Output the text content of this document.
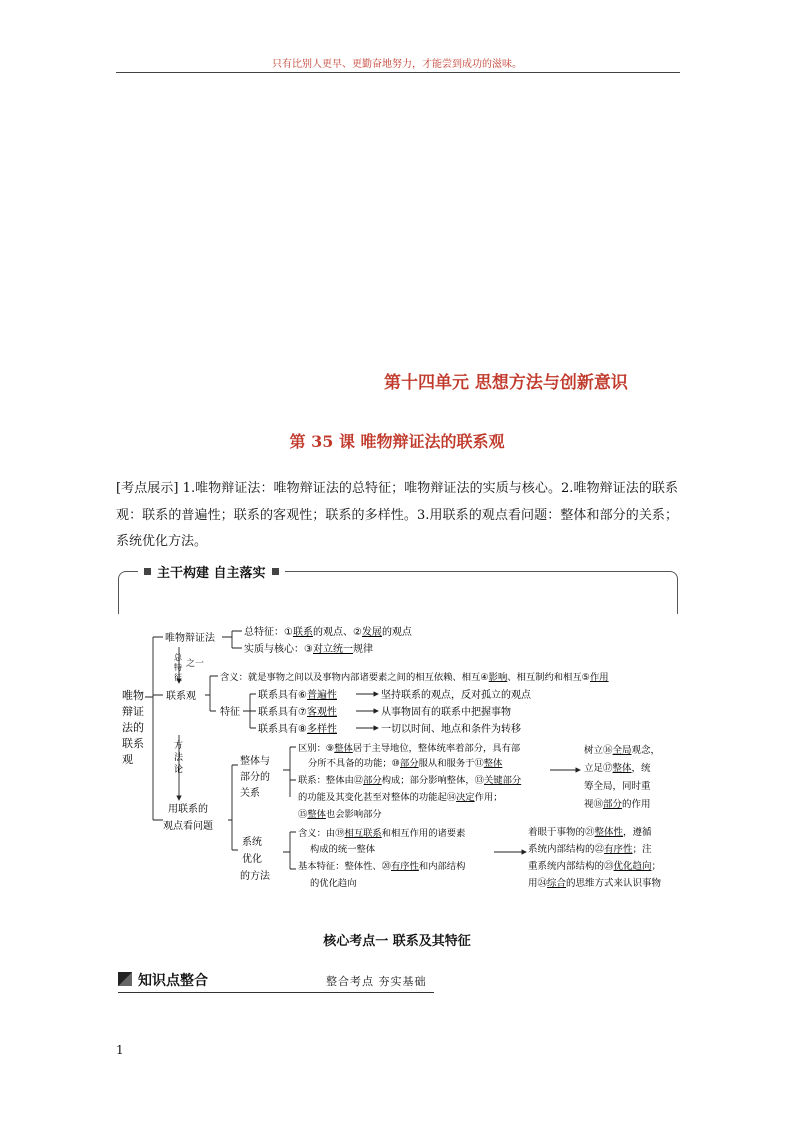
只有比别人更早、更勤奋地努力，才能尝到成功的滋味。
第十四单元 思想方法与创新意识
第 35 课 唯物辩证法的联系观
[考点展示] 1.唯物辩证法：唯物辩证法的总特征；唯物辩证法的实质与核心。2.唯物辩证法的联系观：联系的普遍性；联系的客观性；联系的多样性。3.用联系的观点看问题：整体和部分的关系；系统优化方法。
主干构建 自主落实
唯物
辩证
法的
联系
观
唯物辩证法
总特征：①联系的观点、②发展的观点
实质与核心：③对立统一规律
总
特
征
之一
联系观
含义：就是事物之间以及事物内部诸要素之间的相互依赖、相互④影响、相互制约和相互⑤作用
特征
联系具有⑥普遍性	坚持联系的观点，反对孤立的观点
联系具有⑦客观性	从事物固有的联系中把握事物
联系具有⑧多样性	一切以时间、地点和条件为转移
方
法
论
用联系的
观点看问题
整体与
部分的
关系
区别：⑨整体居于主导地位，整体统率着部分，具有部
分所不具备的功能；⑩部分服从和服务于⑪整体
联系：整体由⑫部分构成；部分影响整体，⑬关键部分
的功能及其变化甚至对整体的功能起⑭决定作用；
⑮整体也会影响部分
树立⑯全局观念，
立足⑰整体，统
筹全局，同时重
视⑱部分的作用
系统
优化
的方法
含义：由⑲相互联系和相互作用的诸要素
构成的统一整体
基本特征：整体性、⑳有序性和内部结构
的优化趋向
着眼于事物的㉑整体性，遵循
系统内部结构的㉒有序性；注
重系统内部结构的㉓优化趋向；
用㉔综合的思维方式来认识事物
核心考点一 联系及其特征
知识点整合	整合考点 夯实基础
1
